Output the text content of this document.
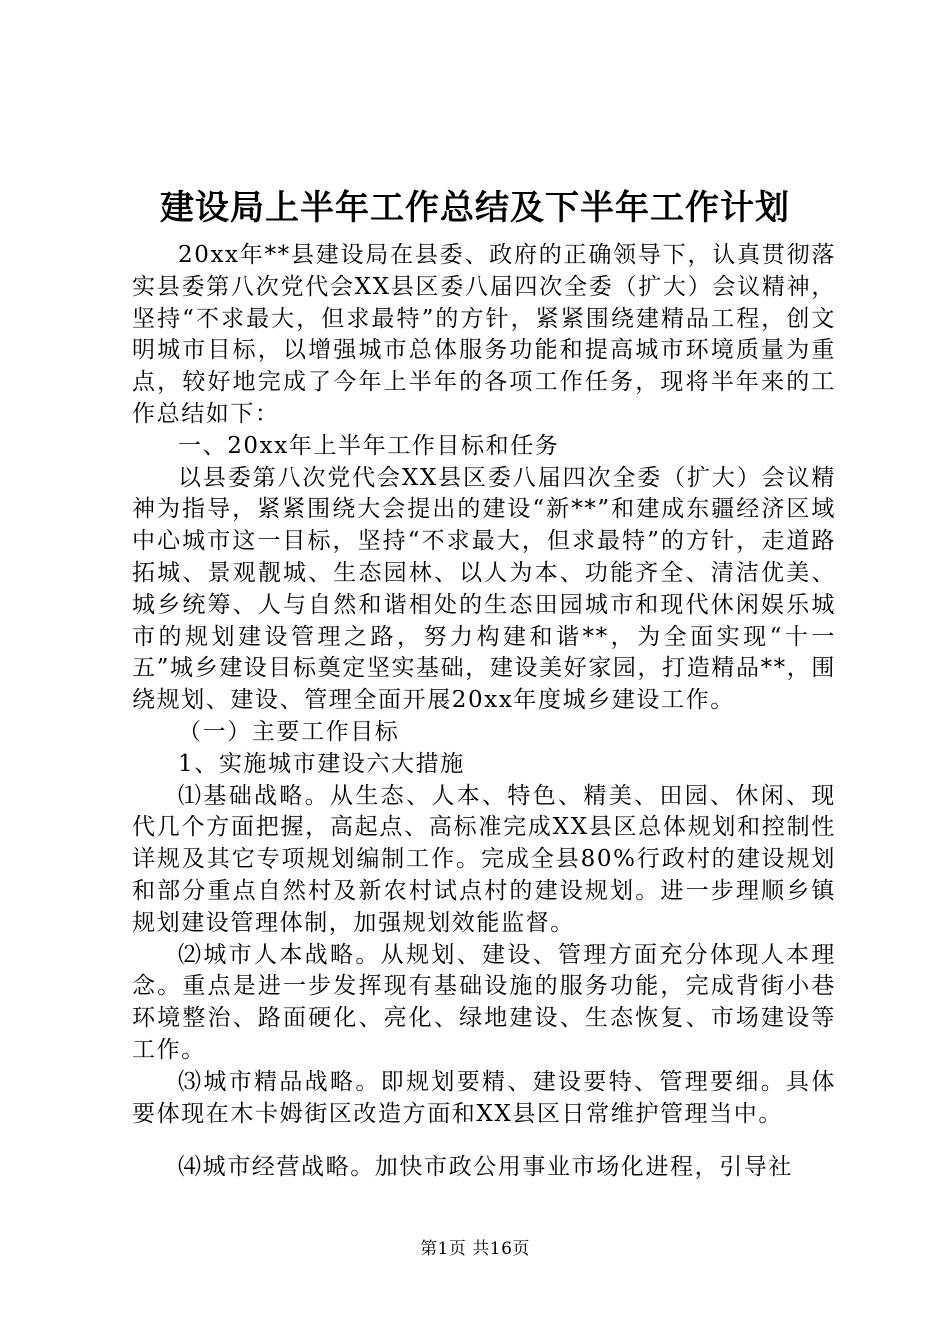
建设局上半年工作总结及下半年工作计划

20xx年**县建设局在县委、政府的正确领导下，认真贯彻落实县委第八次党代会XX县区委八届四次全委（扩大）会议精神，坚持“不求最大，但求最特”的方针，紧紧围绕建精品工程，创文明城市目标，以增强城市总体服务功能和提高城市环境质量为重点，较好地完成了今年上半年的各项工作任务，现将半年来的工作总结如下：

一、20xx年上半年工作目标和任务

以县委第八次党代会XX县区委八届四次全委（扩大）会议精神为指导，紧紧围绕大会提出的建设“新**”和建成东疆经济区域中心城市这一目标，坚持“不求最大，但求最特”的方针，走道路拓城、景观靓城、生态园林、以人为本、功能齐全、清洁优美、城乡统筹、人与自然和谐相处的生态田园城市和现代休闲娱乐城市的规划建设管理之路，努力构建和谐**，为全面实现“十一五”城乡建设目标奠定坚实基础，建设美好家园，打造精品**，围绕规划、建设、管理全面开展20xx年度城乡建设工作。

（一）主要工作目标

1、实施城市建设六大措施

⑴基础战略。从生态、人本、特色、精美、田园、休闲、现代几个方面把握，高起点、高标准完成XX县区总体规划和控制性详规及其它专项规划编制工作。完成全县80%行政村的建设规划和部分重点自然村及新农村试点村的建设规划。进一步理顺乡镇规划建设管理体制，加强规划效能监督。

⑵城市人本战略。从规划、建设、管理方面充分体现人本理念。重点是进一步发挥现有基础设施的服务功能，完成背街小巷环境整治、路面硬化、亮化、绿地建设、生态恢复、市场建设等工作。

⑶城市精品战略。即规划要精、建设要特、管理要细。具体要体现在木卡姆街区改造方面和XX县区日常维护管理当中。

⑷城市经营战略。加快市政公用事业市场化进程，引导社

第1页 共16页
